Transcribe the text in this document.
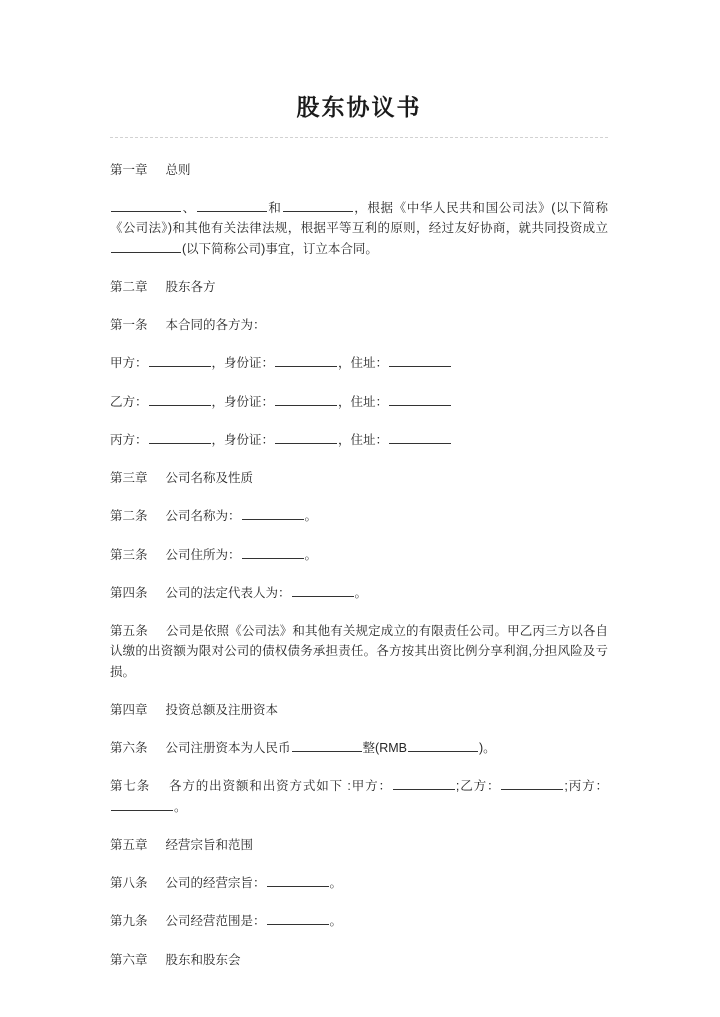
股东协议书

第一章 总则

、	和	，根据《中华人民共和国公司法》(以下简称《公司法》)和其他有关法律法规，根据平等互利的原则，经过友好协商，就共同投资成立(以下简称公司)事宜，订立本合同。

第二章 股东各方

第一条 本合同的各方为：

甲方：	，身份证：	，住址：

乙方：	，身份证：	，住址：

丙方：	，身份证：	，住址：

第三章 公司名称及性质

第二条 公司名称为：	。

第三条 公司住所为：	。

第四条 公司的法定代表人为：	。

第五条 公司是依照《公司法》和其他有关规定成立的有限责任公司。甲乙丙三方以各自认缴的出资额为限对公司的债权债务承担责任。各方按其出资比例分享利润,分担风险及亏损。

第四章 投资总额及注册资本

第六条 公司注册资本为人民币	整(RMB	)。

第七条 各方的出资额和出资方式如下 :甲方：	;乙方：	;丙方：。

第五章 经营宗旨和范围

第八条 公司的经营宗旨：	。

第九条 公司经营范围是：	。

第六章 股东和股东会
